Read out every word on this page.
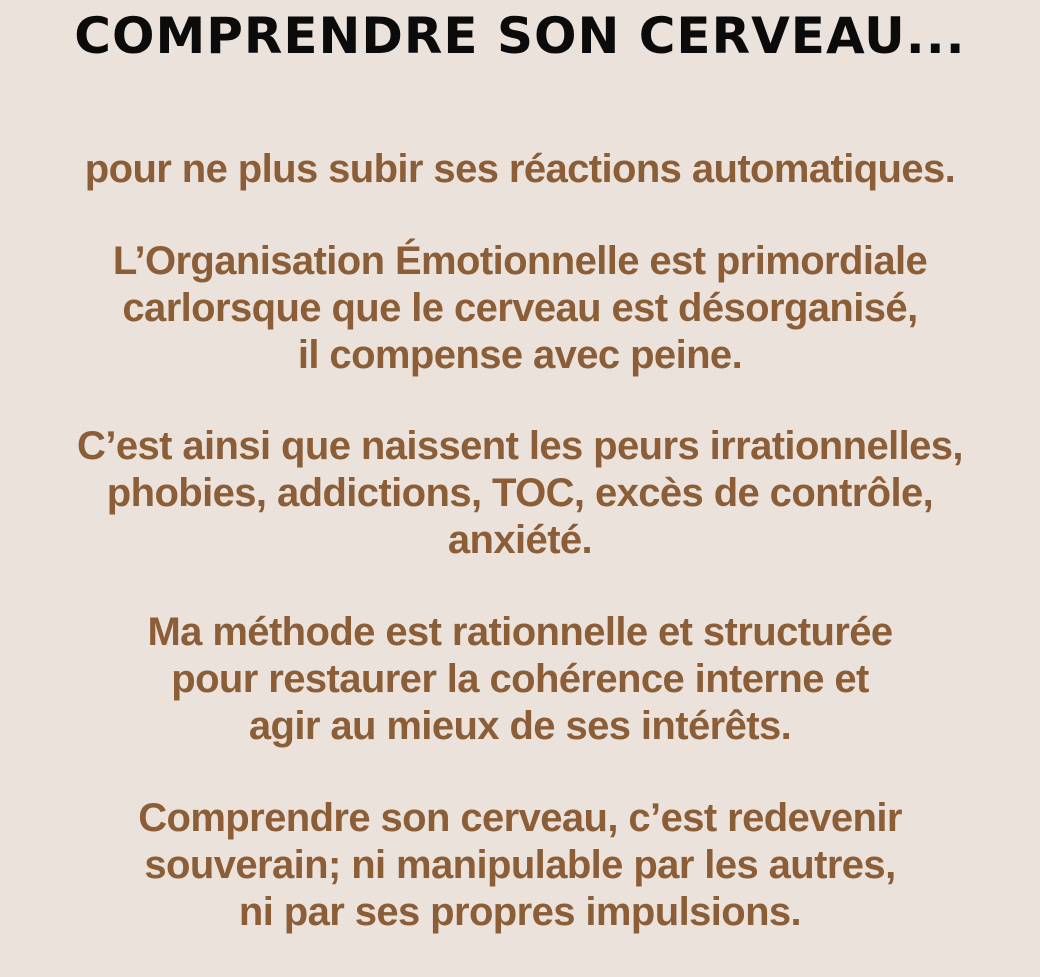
COMPRENDRE SON CERVEAU...
pour ne plus subir ses réactions automatiques.
L’Organisation Émotionnelle est primordiale
carlorsque que le cerveau est désorganisé,
il compense avec peine.
C’est ainsi que naissent les peurs irrationnelles,
phobies, addictions, TOC, excès de contrôle,
anxiété.
Ma méthode est rationnelle et structurée
pour restaurer la cohérence interne et
agir au mieux de ses intérêts.
Comprendre son cerveau, c’est redevenir
souverain; ni manipulable par les autres,
ni par ses propres impulsions.
